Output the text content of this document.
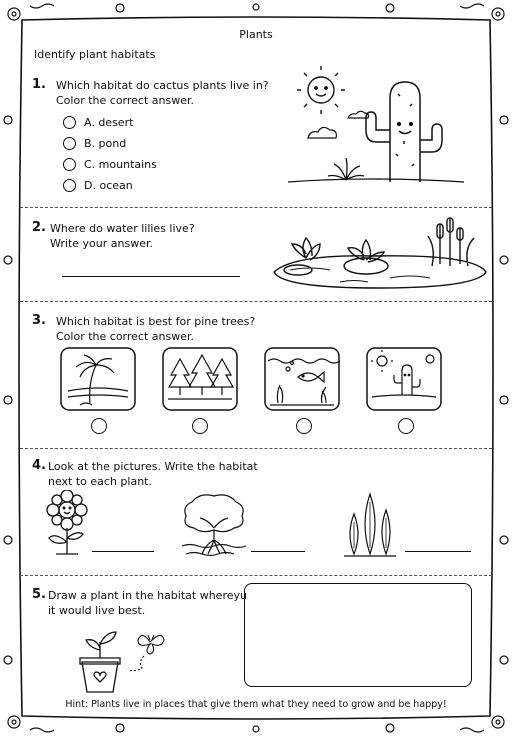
Plants
Identify plant habitats
1. Which habitat do cactus plants live in?
Color the correct answer.
A. desert
B. pond
C. mountains
D. ocean
2. Where do water lilies live?
Write your answer.
3. Which habitat is best for pine trees?
Color the correct answer.
4. Look at the pictures. Write the habitat
next to each plant.
5. Draw a plant in the habitat whereyu
it would live best.
Hint: Plants live in places that give them what they need to grow and be happy!
